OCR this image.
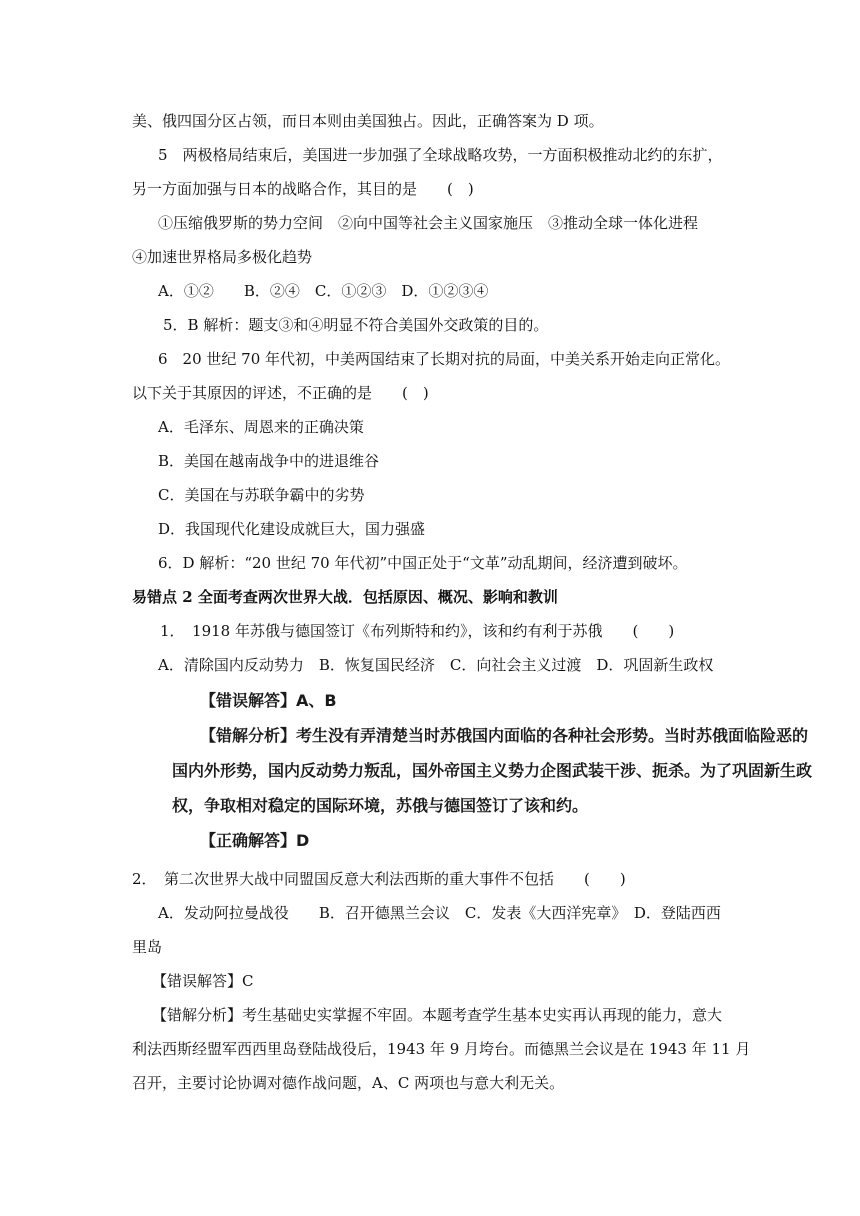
美、俄四国分区占领，而日本则由美国独占。因此，正确答案为 D 项。
5　两极格局结束后，美国进一步加强了全球战略攻势，一方面积极推动北约的东扩，
另一方面加强与日本的战略合作，其目的是　　(　)
①压缩俄罗斯的势力空间　②向中国等社会主义国家施压　③推动全球一体化进程
④加速世界格局多极化趋势
A．①②　　B．②④　C．①②③　D．①②③④
5．B 解析：题支③和④明显不符合美国外交政策的目的。
6　20 世纪 70 年代初，中美两国结束了长期对抗的局面，中美关系开始走向正常化。
以下关于其原因的评述，不正确的是　　(　)
A．毛泽东、周恩来的正确决策
B．美国在越南战争中的进退维谷
C．美国在与苏联争霸中的劣势
D．我国现代化建设成就巨大，国力强盛
6．D 解析：“20 世纪 70 年代初”中国正处于“文革”动乱期间，经济遭到破坏。
易错点 2 全面考查两次世界大战．包括原因、概况、影响和教训
1．　1918 年苏俄与德国签订《布列斯特和约》，该和约有利于苏俄　　(　　)
A．清除国内反动势力　B．恢复国民经济　C．向社会主义过渡　D．巩固新生政权
【错误解答】A、B
【错解分析】考生没有弄清楚当时苏俄国内面临的各种社会形势。当时苏俄面临险恶的
国内外形势，国内反动势力叛乱，国外帝国主义势力企图武装干涉、扼杀。为了巩固新生政
权，争取相对稳定的国际环境，苏俄与德国签订了该和约。
【正确解答】D
2．　第二次世界大战中同盟国反意大利法西斯的重大事件不包括　　(　　)
A．发动阿拉曼战役　　B．召开德黑兰会议　C．发表《大西洋宪章》　D．登陆西西
里岛
【错误解答】C
【错解分析】考生基础史实掌握不牢固。本题考查学生基本史实再认再现的能力，意大
利法西斯经盟军西西里岛登陆战役后，1943 年 9 月垮台。而德黑兰会议是在 1943 年 11 月
召开，主要讨论协调对德作战问题，A、C 两项也与意大利无关。
